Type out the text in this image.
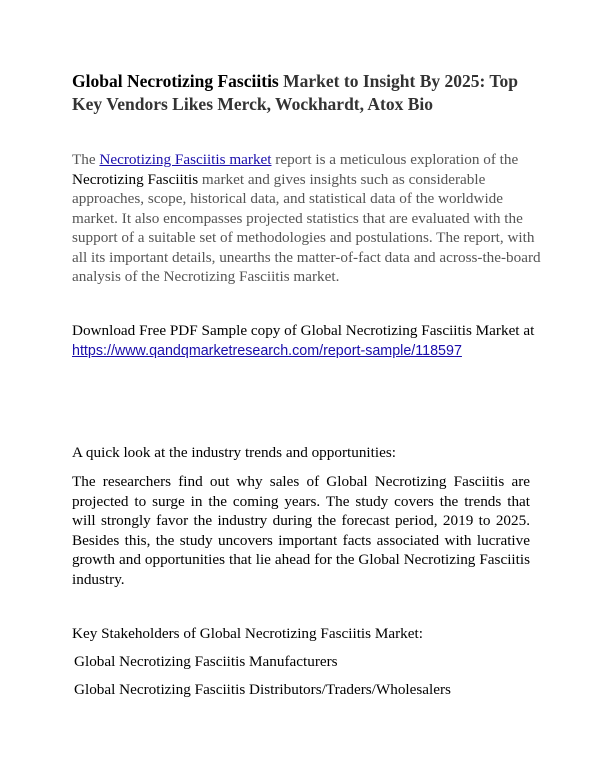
Global Necrotizing Fasciitis Market to Insight By 2025: Top Key Vendors Likes Merck, Wockhardt, Atox Bio
The Necrotizing Fasciitis market report is a meticulous exploration of the Necrotizing Fasciitis market and gives insights such as considerable approaches, scope, historical data, and statistical data of the worldwide market. It also encompasses projected statistics that are evaluated with the support of a suitable set of methodologies and postulations. The report, with all its important details, unearths the matter-of-fact data and across-the-board analysis of the Necrotizing Fasciitis market.
Download Free PDF Sample copy of Global Necrotizing Fasciitis Market at https://www.qandqmarketresearch.com/report-sample/118597
A quick look at the industry trends and opportunities:
The researchers find out why sales of Global Necrotizing Fasciitis are projected to surge in the coming years. The study covers the trends that will strongly favor the industry during the forecast period, 2019 to 2025. Besides this, the study uncovers important facts associated with lucrative growth and opportunities that lie ahead for the Global Necrotizing Fasciitis industry.
Key Stakeholders of Global Necrotizing Fasciitis Market:
Global Necrotizing Fasciitis Manufacturers
Global Necrotizing Fasciitis Distributors/Traders/Wholesalers
